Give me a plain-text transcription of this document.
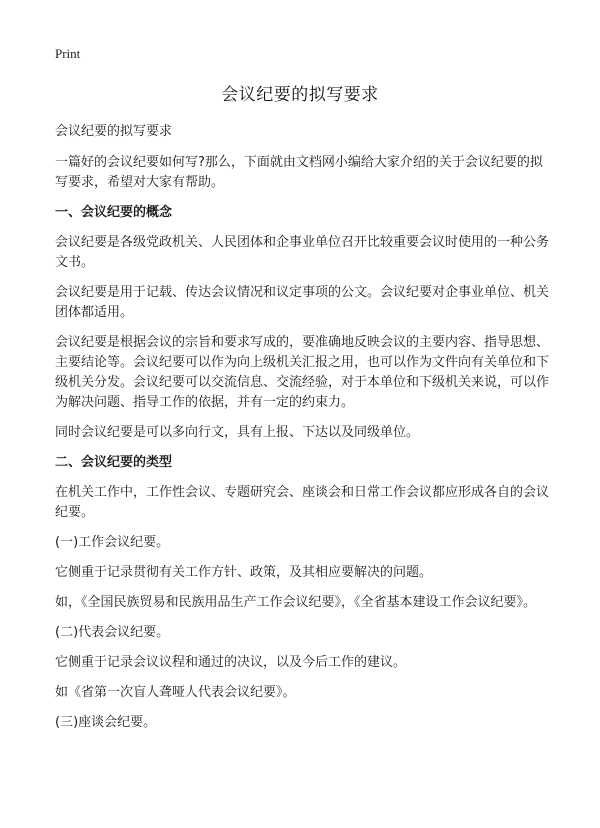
Print
会议纪要的拟写要求

会议纪要的拟写要求

一篇好的会议纪要如何写?那么，下面就由文档网小编给大家介绍的关于会议纪要的拟写要求，希望对大家有帮助。

一、会议纪要的概念

会议纪要是各级党政机关、人民团体和企事业单位召开比较重要会议时使用的一种公务文书。

会议纪要是用于记载、传达会议情况和议定事项的公文。会议纪要对企事业单位、机关团体都适用。

会议纪要是根据会议的宗旨和要求写成的，要准确地反映会议的主要内容、指导思想、主要结论等。会议纪要可以作为向上级机关汇报之用，也可以作为文件向有关单位和下级机关分发。会议纪要可以交流信息、交流经验，对于本单位和下级机关来说，可以作为解决问题、指导工作的依据，并有一定的约束力。

同时会议纪要是可以多向行文，具有上报、下达以及同级单位。

二、会议纪要的类型

在机关工作中，工作性会议、专题研究会、座谈会和日常工作会议都应形成各自的会议纪要。

(一)工作会议纪要。

它侧重于记录贯彻有关工作方针、政策，及其相应要解决的问题。

如，《全国民族贸易和民族用品生产工作会议纪要》，《全省基本建设工作会议纪要》。

(二)代表会议纪要。

它侧重于记录会议议程和通过的决议，以及今后工作的建议。

如《省第一次盲人聋哑人代表会议纪要》。

(三)座谈会纪要。
